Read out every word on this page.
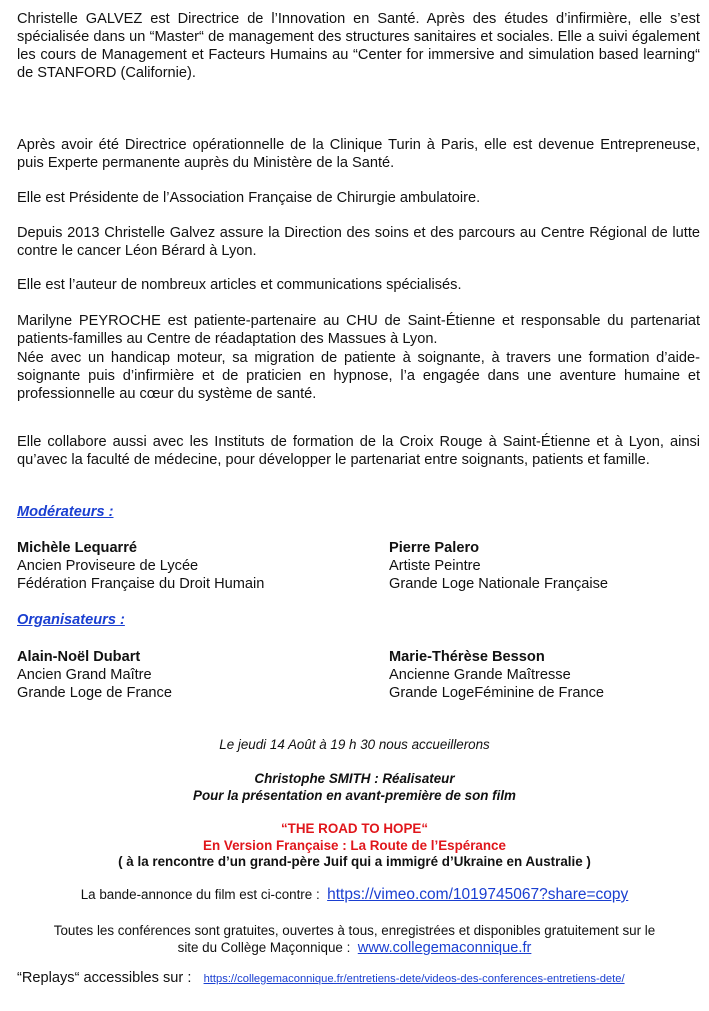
Christelle GALVEZ est Directrice de l’Innovation en Santé. Après des études d’infirmière, elle s’est spécialisée dans un “Master“ de management des structures sanitaires et sociales. Elle a suivi également les cours de Management et Facteurs Humains au “Center for immersive and simulation based learning“ de STANFORD (Californie).

Après avoir été Directrice opérationnelle de la Clinique Turin à Paris, elle est devenue Entrepreneuse, puis Experte permanente auprès du Ministère de la Santé.

Elle est Présidente de l’Association Française de Chirurgie ambulatoire.

Depuis 2013 Christelle Galvez assure la Direction des soins et des parcours au Centre Régional de lutte contre le cancer Léon Bérard à Lyon.

Elle est l’auteur de nombreux articles et communications spécialisés.

Marilyne PEYROCHE est patiente-partenaire au CHU de Saint-Étienne et responsable du partenariat patients-familles au Centre de réadaptation des Massues à Lyon.

Née avec un handicap moteur, sa migration de patiente à soignante, à travers une formation d’aide-soignante puis d’infirmière et de praticien en hypnose, l’a engagée dans une aventure humaine et professionnelle au cœur du système de santé.

Elle collabore aussi avec les Instituts de formation de la Croix Rouge à Saint-Étienne et à Lyon, ainsi qu’avec la faculté de médecine, pour développer le partenariat entre soignants, patients et famille.

Modérateurs :

Michèle Lequarré
Ancien Proviseure de Lycée
Fédération Française du Droit Humain
Pierre Palero
Artiste Peintre
Grande Loge Nationale Française

Organisateurs :

Alain-Noël Dubart
Ancien Grand Maître
Grande Loge de France
Marie-Thérèse Besson
Ancienne Grande Maîtresse
Grande LogeFéminine de France
Le jeudi 14 Août à 19 h 30 nous accueillerons
Christophe SMITH : Réalisateur
Pour la présentation en avant-première de son film
“THE ROAD TO HOPE“
En Version Française : La Route de l’Espérance
( à la rencontre d’un grand-père Juif qui a immigré d’Ukraine en Australie )
La bande-annonce du film est ci-contre : https://vimeo.com/1019745067?share=copy
Toutes les conférences sont gratuites, ouvertes à tous, enregistrées et disponibles gratuitement sur le
site du Collège Maçonnique : www.collegemaconnique.fr
“Replays“ accessibles sur : https://collegemaconnique.fr/entretiens-dete/videos-des-conferences-entretiens-dete/
